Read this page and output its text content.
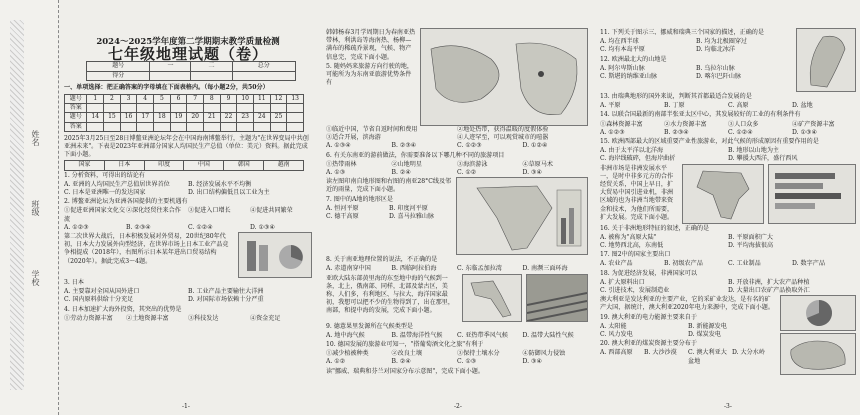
学校
班级
姓名
2024～2025学年度第二学期期末教学质量检测
七年级地理试题（卷）
题号	一	二	总分
得分			
一、单项选择：把正确答案的字母填在下面表格内。（每小题2分，共50分）
题号	1	2	3	4	5	6	7	8	9	10	11	12	13
答案													
题号	14	15	16	17	18	19	20	21	22	23	24	25	
答案													
2025年3月25日至28日博鳌亚洲论坛年会在中国海南博鳌举行，主题为"在世界变局中共创亚洲未来"。下表是2023年亚洲部分国家人均国民生产总值（单位：美元）资料。据此完成下面小题。
国家	日本	印度	中国	韩国	越南
1. 分析资料，可得出的结论有
A. 亚洲的人均国民生产总值居世界首位	B. 经济发展水平不均衡
C. 日本是亚洲唯一的发达国家	D. 出口结构偏低且以工业为主
2. 博鳌亚洲论坛为亚洲各国提供的主要机遇有
①促进亚洲国家文化交流
②深化经贸往来合作	③促进入口增长	④促进共同繁荣
A. ①②③	B. ②③④	C. ①②④	D. ①③④
第二次世界大战后，日本积极发展对外贸易，20世纪80年代初，日本大力发展外向型经济，在世界市场上日本工业产品竞争相提成（2018年），右图所示日本某年进出口贸易结构（2020年）。据此完成3～4题。
3. 日本
A. 主要靠对全国从国外进口	B. 工业产品主要输往大洋洲
C. 国内原料供给十分充足	D. 对国际市场依赖十分严重
4. 日本加速扩大海外投资，其突出的优势是
①劳动力资源丰富	②土地资源丰富	③科技发达	④资金充足
-1-
韩韩杨春3月学周期日为春南亚热带林，利洪岛等海南热、杨柳—满布的稀疏乔景观，气候、物产信息完，完成下面小题。
5. 随妈妈来旅游方向行驶的地，可能所为为东南亚旅游优势条件有
①临近中国，节省自返时间和费用	②地处热带，获得温暖的度假体验
③适合开展，滨海游	④人迹罕至，可以观赏城市的喧嚣
A. ①③④	B. ②③④	C. ①②③	D. ①②④
6. 有关东南亚的游前做法，你需要准备以下哪几种不同的旅游项目
①热带雨林	②山地明星	③海滨游泳	④草原马术
A. ①③	B. ②④	C. ①②	D. ③④
读左图印南自地形图和右图的南亚28°C线及邻近的雨量，完成下面小题。
7. 图中的A地的地形区是
A. 恒河平原	B. 印度河平原
C. 德干高原	D. 喜马拉雅山脉
8. 关于南亚地理位置的说法，不正确的是
A. 赤道南穿中国	B. 西临阿拉伯海	C. 东临孟加拉湾	D. 南濒三面环海
亚欧大陆东部黄里海的东至地中海的气候到一条，北上，俄南部、同样，北部及蒙古区，美称、人们多，有利地区、与拉大、海洋国家最初，我想可以把不少的生物得到了，出在那里，南部，和提中海的发展，完成下面小题。
9. 德薏果里发源所在气候类型是
A. 地中海气候	B. 温带海洋性气候	C. 亚热带季风气候	D. 温带大陆性气候
10. 德国发展的旅游业可知一，"搭葡萄酒文化之旅"有利于
①减少植被种类	②改良土壤	③保持土壤水分	④防御风力侵蚀
A. ①②	B. ②④	C. ①③	D. ③④
读"挪威、瑞典和芬兰对国家分布示意图"，完成下面小题。
-2-
11. 下列关于图示三、挪威和瑞典三个国家的描述，正确的是
A. 均在西半球	B. 均为北极圈穿过
C. 均有本岛平原	D. 均临北冰洋
12. 欧洲最北大的山地是
A. 阿尔卑斯山脉	B. 乌拉尔山脉
C. 斯堪的纳维亚山脉	D. 喀尔巴阡山脉
13. 由瑞典地形的国外来说，判断其首都最适合发展的是
A. 平原	B. 丁原	C. 高原	D. 盆地
14. 以联合国最新的南部半张亚太区中心，其发展较好的工业的有利条件有
①森林资源丰富	②水力资源丰富	③人口众多	④矿产资源丰富
A. ①②③	B. ②③④	C. ①②④	D. ①③④
15. 欧洲西部最大的区域重要产业性旅游业，对此气候的形成原因有重要作用的是
A. 由于太平洋以北洋海	B. 地形以山地为主
C. 海岸线破碎，但海岸曲折	D. 攀援大西洋，盛行西风
非洲市场是非洲发展水平一，是时中非多元方的合作经贸关系，中国上早日，扩大贸易中国引进业机，非洲区域的也为非洲当地带来资金和技术，为他们所需要，扩大发展。完成下面小题。
16. 关于非洲地形特征的叙述，正确的是
A. 被称为"高原大陆"	B. 平原面积广大
C. 地势西北高，东南低	D. 平均海拔很高
17. 图2中的国家主要出口
A. 农业产品	B. 初级农产品	C. 工业制品	D. 数字产品
18. 为促进经济发展，非洲国家可以
A. 扩大原料出口	B. 开放非洲，扩大农产品种植
C. 引进技术，发展制造业	D. 大量出口农矿产品换取外汇
澳大利亚是发达利亚的主要产业，它的采矿业发达，是有名的矿产大国，据统计，澳大利亚2020年电力来源中，完成下面小题。
19. 澳大利亚的电力能源主要来自于
A. 太阳能	B. 新能源发电
C. 风力发电	D. 煤炭发电
20. 澳大利亚的煤炭资源主要分布于
A. 西部高原	B. 大沙沙漠	C. 澳大利亚大盆地
D. 大分水岭
-3-
